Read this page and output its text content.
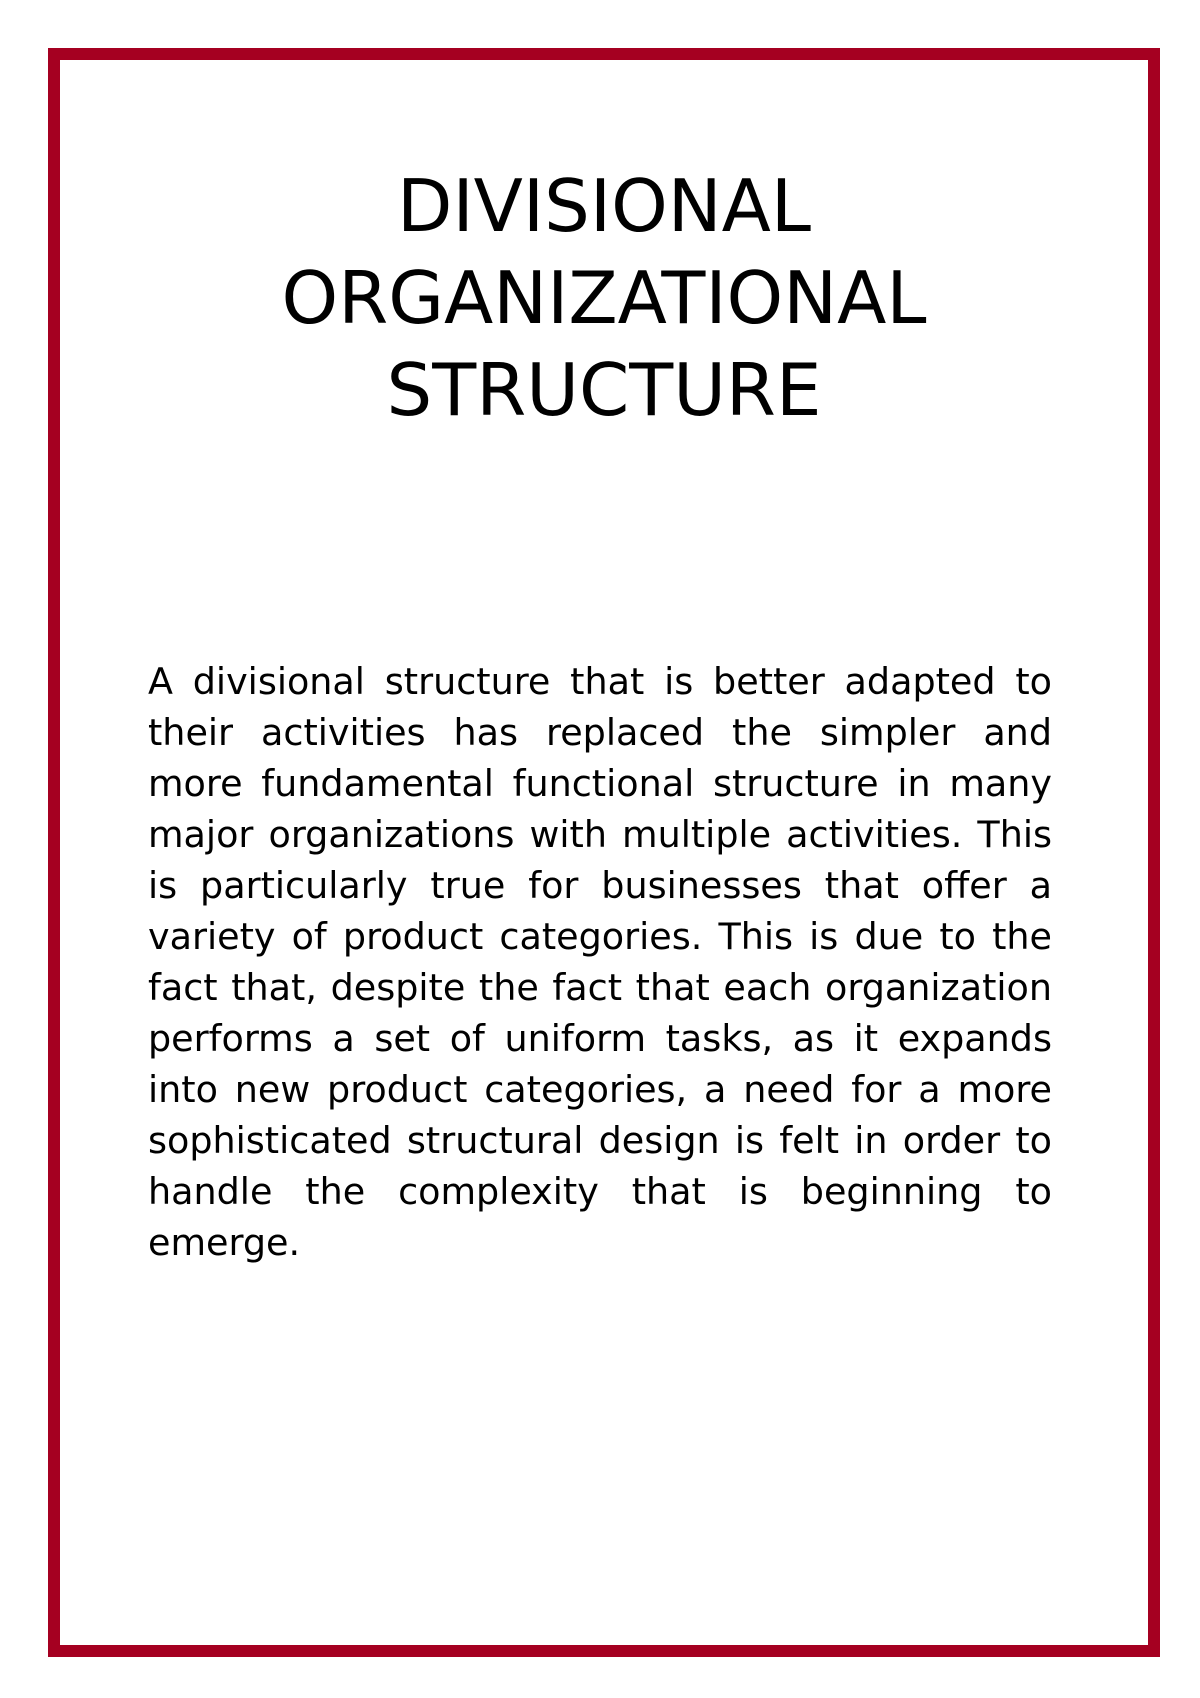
DIVISIONAL
ORGANIZATIONAL
STRUCTURE

A divisional structure that is better adapted to their activities has replaced the simpler and more fundamental functional structure in many major organizations with multiple activities. This is particularly true for businesses that offer a variety of product categories. This is due to the fact that, despite the fact that each organization performs a set of uniform tasks, as it expands into new product categories, a need for a more sophisticated structural design is felt in order to handle the complexity that is beginning to emerge.
